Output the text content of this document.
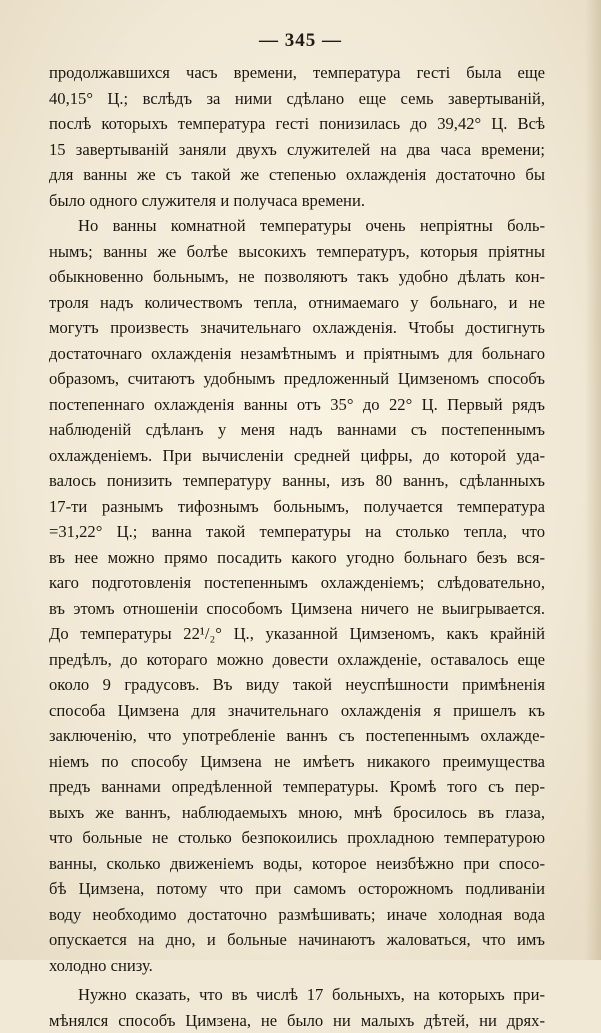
— 345 —
продолжавшихся часъ времени, температура гесті была еще
40,15° Ц.; вслѣдъ за ними сдѣлано еще семь завертываній,
послѣ которыхъ температура гесті понизилась до 39,42° Ц. Всѣ
15 завертываній заняли двухъ служителей на два часа времени;
для ванны же съ такой же степенью охлажденія достаточно бы
было одного служителя и получаса времени.
Но ванны комнатной температуры очень непріятны боль-
нымъ; ванны же болѣе высокихъ температуръ, которыя пріятны
обыкновенно больнымъ, не позволяютъ такъ удобно дѣлать кон-
троля надъ количествомъ тепла, отнимаемаго у больнаго, и не
могутъ произвесть значительнаго охлажденія. Чтобы достигнуть
достаточнаго охлажденія незамѣтнымъ и пріятнымъ для больнаго
образомъ, считаютъ удобнымъ предложенный Цимзеномъ способъ
постепеннаго охлажденія ванны отъ 35° до 22° Ц. Первый рядъ
наблюденій сдѣланъ у меня надъ ваннами съ постепеннымъ
охлажденіемъ. При вычисленіи средней цифры, до которой уда-
валось понизить температуру ванны, изъ 80 ваннъ, сдѣланныхъ
17-ти разнымъ тифознымъ больнымъ, получается температура
=31,22° Ц.; ванна такой температуры на столько тепла, что
въ нее можно прямо посадить какого угодно больнаго безъ вся-
каго подготовленія постепеннымъ охлажденіемъ; слѣдовательно,
въ этомъ отношеніи способомъ Цимзена ничего не выигрывается.
До температуры 22¹/₂° Ц., указанной Цимзеномъ, какъ крайній
предѣлъ, до котораго можно довести охлажденіе, оставалось еще
около 9 градусовъ. Въ виду такой неуспѣшности примѣненія
способа Цимзена для значительнаго охлажденія я пришелъ къ
заключенію, что употребленіе ваннъ съ постепеннымъ охлажде-
ніемъ по способу Цимзена не имѣетъ никакого преимущества
предъ ваннами опредѣленной температуры. Кромѣ того съ пер-
выхъ же ваннъ, наблюдаемыхъ мною, мнѣ бросилось въ глаза,
что больные не столько безпокоились прохладною температурою
ванны, сколько движеніемъ воды, которое неизбѣжно при спосо-
бѣ Цимзена, потому что при самомъ осторожномъ подливаніи
воду необходимо достаточно размѣшивать; иначе холодная вода
опускается на дно, и больные начинаютъ жаловаться, что имъ
холодно снизу.
Нужно сказать, что въ числѣ 17 больныхъ, на которыхъ при-
мѣнялся способъ Цимзена, не было ни малыхъ дѣтей, ни дрях-
